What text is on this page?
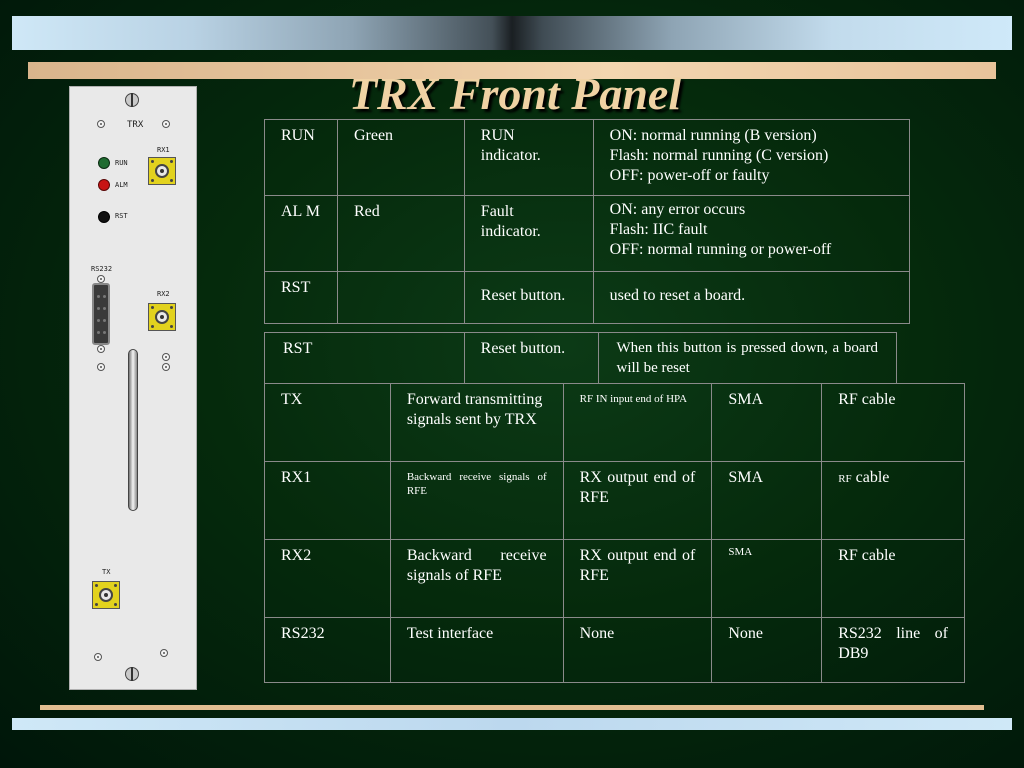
TRX Front Panel
TRX
RX1
RUN
ALM
RST
RS232
RX2
TX
RUN	Green	RUN indicator.	ON: normal running (B version)
Flash: normal running (C version)
OFF: power-off or faulty

AL M	Red	Fault indicator.	ON: any error occurs
Flash: IIC fault
OFF: normal running or power-off

RST		Reset button.	used to reset a board.
RST	Reset button.	When this button is pressed down, a board will be reset
TX	Forward transmitting signals sent by TRX	RF IN input end of HPA	SMA	RF cable
RX1	Backward receive signals of RFE	RX output end of RFE	SMA	RF cable
RX2	Backward receive signals of RFE	RX output end of RFE	SMA	RF cable
RS232	Test interface	None	None	RS232 line of DB9
